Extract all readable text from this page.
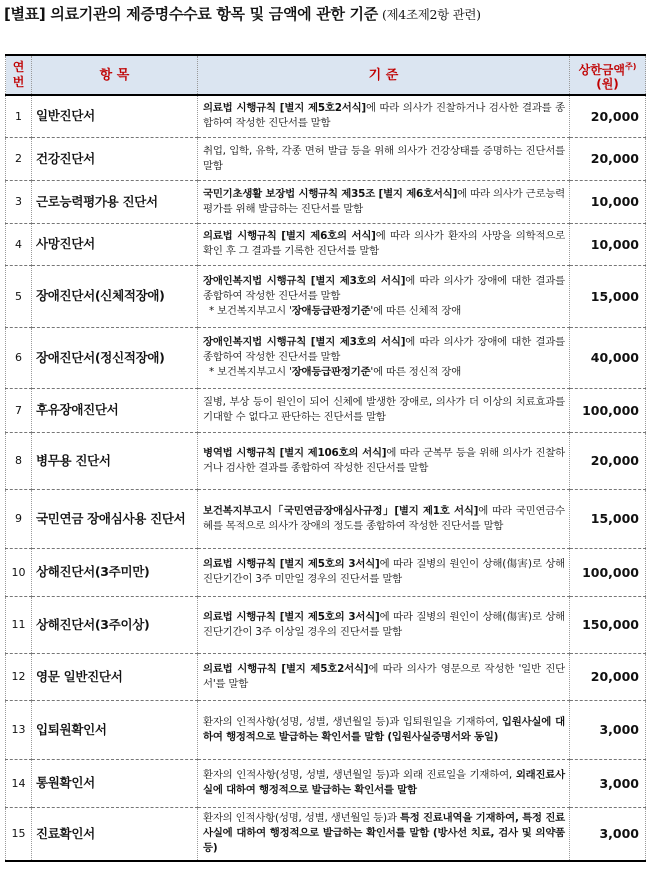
[별표] 의료기관의 제증명수수료 항목 및 금액에 관한 기준 (제4조제2항 관련)
연
번	항 목	기 준	상한금액$^{주)}$
(원)
1	일반진단서	의료법 시행규칙 [별지 제5호2서식]에 따라 의사가 진찰하거나 검사한 결과를 종합하여 작성한 진단서를 말함	20,000
2	건강진단서	취업, 입학, 유학, 각종 면허 발급 등을 위해 의사가 건강상태를 증명하는 진단서를 말함	20,000
3	근로능력평가용 진단서	국민기초생활 보장법 시행규칙 제35조 [별지 제6호서식]에 따라 의사가 근로능력 평가를 위해 발급하는 진단서를 말함	10,000
4	사망진단서	의료법 시행규칙 [별지 제6호의 서식]에 따라 의사가 환자의 사망을 의학적으로 확인 후 그 결과를 기록한 진단서를 말함	10,000
5	장애진단서(신체적장애)	장애인복지법 시행규칙 [별지 제3호의 서식]에 따라 의사가 장애에 대한 결과를 종합하여 작성한 진단서를 말함
* 보건복지부고시 '장애등급판정기준'에 따른 신체적 장애	15,000
6	장애진단서(정신적장애)	장애인복지법 시행규칙 [별지 제3호의 서식]에 따라 의사가 장애에 대한 결과를 종합하여 작성한 진단서를 말함
* 보건복지부고시 '장애등급판정기준'에 따른 정신적 장애	40,000
7	후유장애진단서	질병, 부상 등이 원인이 되어 신체에 발생한 장애로, 의사가 더 이상의 치료효과를 기대할 수 없다고 판단하는 진단서를 말함	100,000
8	병무용 진단서	병역법 시행규칙 [별지 제106호의 서식]에 따라 군복무 등을 위해 의사가 진찰하거나 검사한 결과를 종합하여 작성한 진단서를 말함	20,000
9	국민연금 장애심사용 진단서	보건복지부고시「국민연금장애심사규정」[별지 제1호 서식]에 따라 국민연금수혜를 목적으로 의사가 장애의 정도를 종합하여 작성한 진단서를 말함	15,000
10	상해진단서(3주미만)	의료법 시행규칙 [별지 제5호의 3서식]에 따라 질병의 원인이 상해(傷害)로 상해진단기간이 3주 미만일 경우의 진단서를 말함	100,000
11	상해진단서(3주이상)	의료법 시행규칙 [별지 제5호의 3서식]에 따라 질병의 원인이 상해(傷害)로 상해진단기간이 3주 이상일 경우의 진단서를 말함	150,000
12	영문 일반진단서	의료법 시행규칙 [별지 제5호2서식]에 따라 의사가 영문으로 작성한 '일반 진단서'를 말함	20,000
13	입퇴원확인서	환자의 인적사항(성명, 성별, 생년월일 등)과 입퇴원일을 기재하여, 입원사실에 대하여 행정적으로 발급하는 확인서를 말함 (입원사실증명서와 동일)	3,000
14	통원확인서	환자의 인적사항(성명, 성별, 생년월일 등)과 외래 진료일을 기재하여, 외래진료사실에 대하여 행정적으로 발급하는 확인서를 말함	3,000
15	진료확인서	환자의 인적사항(성명, 성별, 생년월일 등)과 특정 진료내역을 기재하여, 특정 진료사실에 대하여 행정적으로 발급하는 확인서를 말함 (방사선 치료, 검사 및 의약품 등)	3,000
